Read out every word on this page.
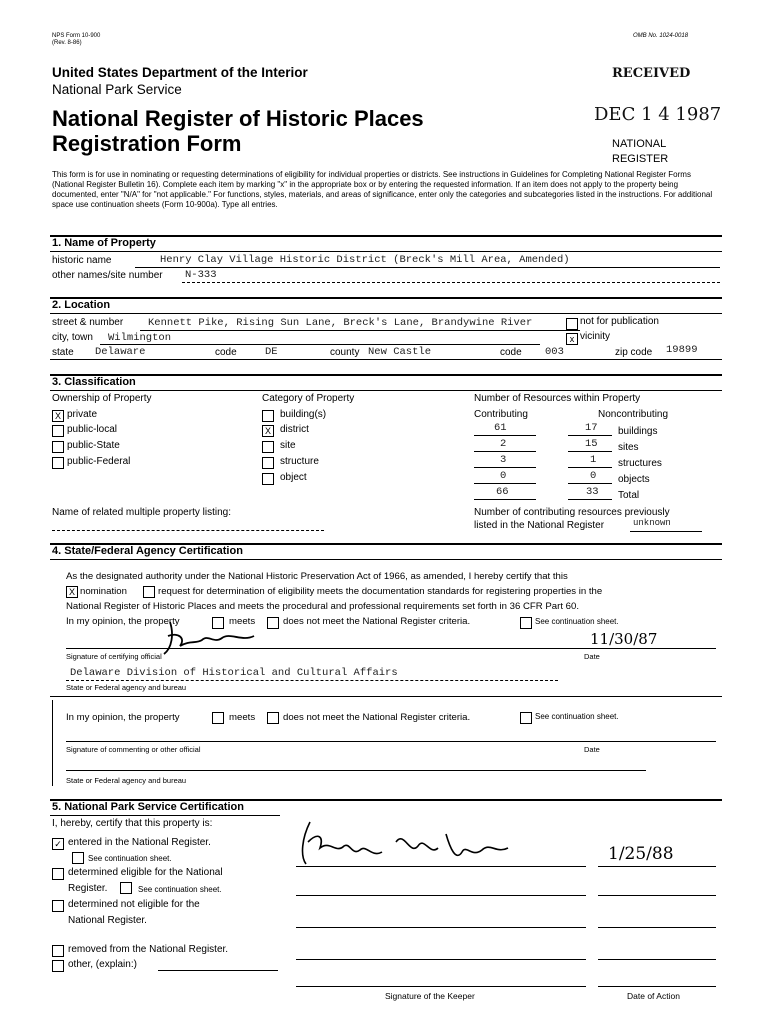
NPS Form 10-900
(Rev. 8-86)
OMB No. 1024-0018
United States Department of the Interior
National Park Service
National Register of Historic Places
Registration Form
RECEIVED
DEC 1 4 1987
NATIONAL
REGISTER
This form is for use in nominating or requesting determinations of eligibility for individual properties or districts. See instructions in Guidelines for Completing National Register Forms (National Register Bulletin 16). Complete each item by marking "x" in the appropriate box or by entering the requested information. If an item does not apply to the property being documented, enter "N/A" for "not applicable." For functions, styles, materials, and areas of significance, enter only the categories and subcategories listed in the instructions. For additional space use continuation sheets (Form 10-900a). Type all entries.
1. Name of Property
historic name	Henry Clay Village Historic District (Breck's Mill Area, Amended)
other names/site number N-333
2. Location
street & number Kennett Pike, Rising Sun Lane, Breck's Lane, Brandywine River	not for publication
city, town Wilmington	x vicinity
state Delaware	code	DE	county New Castle	code 003	zip code 19899
3. Classification
Ownership of Property
X private
public-local
public-State
public-Federal
Category of Property
building(s)
X district
site
structure
object
Number of Resources within Property
Contributing	Noncontributing
61	17 buildings
2	15 sites
3	1 structures
0	0 objects
66	33 Total
Name of related multiple property listing:	Number of contributing resources previously
listed in the National Register	unknown
4. State/Federal Agency Certification
As the designated authority under the National Historic Preservation Act of 1966, as amended, I hereby certify that this
X nomination	request for determination of eligibility meets the documentation standards for registering properties in the
National Register of Historic Places and meets the procedural and professional requirements set forth in 36 CFR Part 60.
In my opinion, the property	meets	does not meet the National Register criteria.	See continuation sheet.
11/30/87
Signature of certifying official	Date
Delaware Division of Historical and Cultural Affairs
State or Federal agency and bureau
In my opinion, the property	meets	does not meet the National Register criteria.	See continuation sheet.
Signature of commenting or other official	Date
State or Federal agency and bureau
5. National Park Service Certification
I, hereby, certify that this property is:
✓ entered in the National Register.
See continuation sheet.
determined eligible for the National
Register.	See continuation sheet.
determined not eligible for the
National Register.
removed from the National Register.
other, (explain:)
1/25/88
Signature of the Keeper	Date of Action
